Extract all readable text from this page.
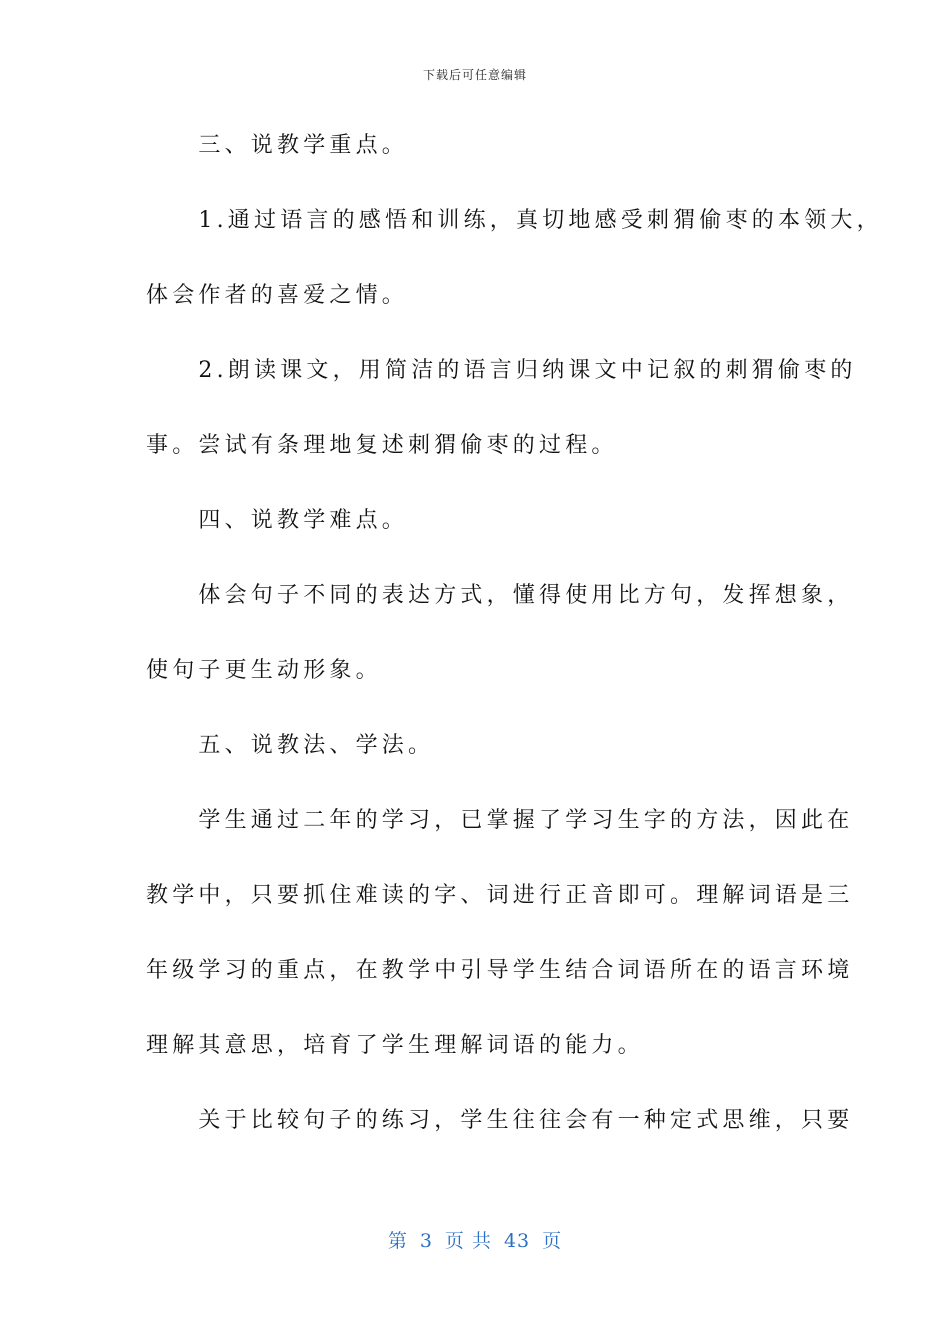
下载后可任意编辑
　　三、说教学重点。
　　1.通过语言的感悟和训练，真切地感受刺猬偷枣的本领大，
体会作者的喜爱之情。
　　2.朗读课文，用简洁的语言归纳课文中记叙的刺猬偷枣的
事。尝试有条理地复述刺猬偷枣的过程。
　　四、说教学难点。
　　体会句子不同的表达方式，懂得使用比方句，发挥想象，
使句子更生动形象。
　　五、说教法、学法。
　　学生通过二年的学习，已掌握了学习生字的方法，因此在
教学中，只要抓住难读的字、词进行正音即可。理解词语是三
年级学习的重点，在教学中引导学生结合词语所在的语言环境
理解其意思，培育了学生理解词语的能力。
　　关于比较句子的练习，学生往往会有一种定式思维，只要
第 3 页 共 43 页
